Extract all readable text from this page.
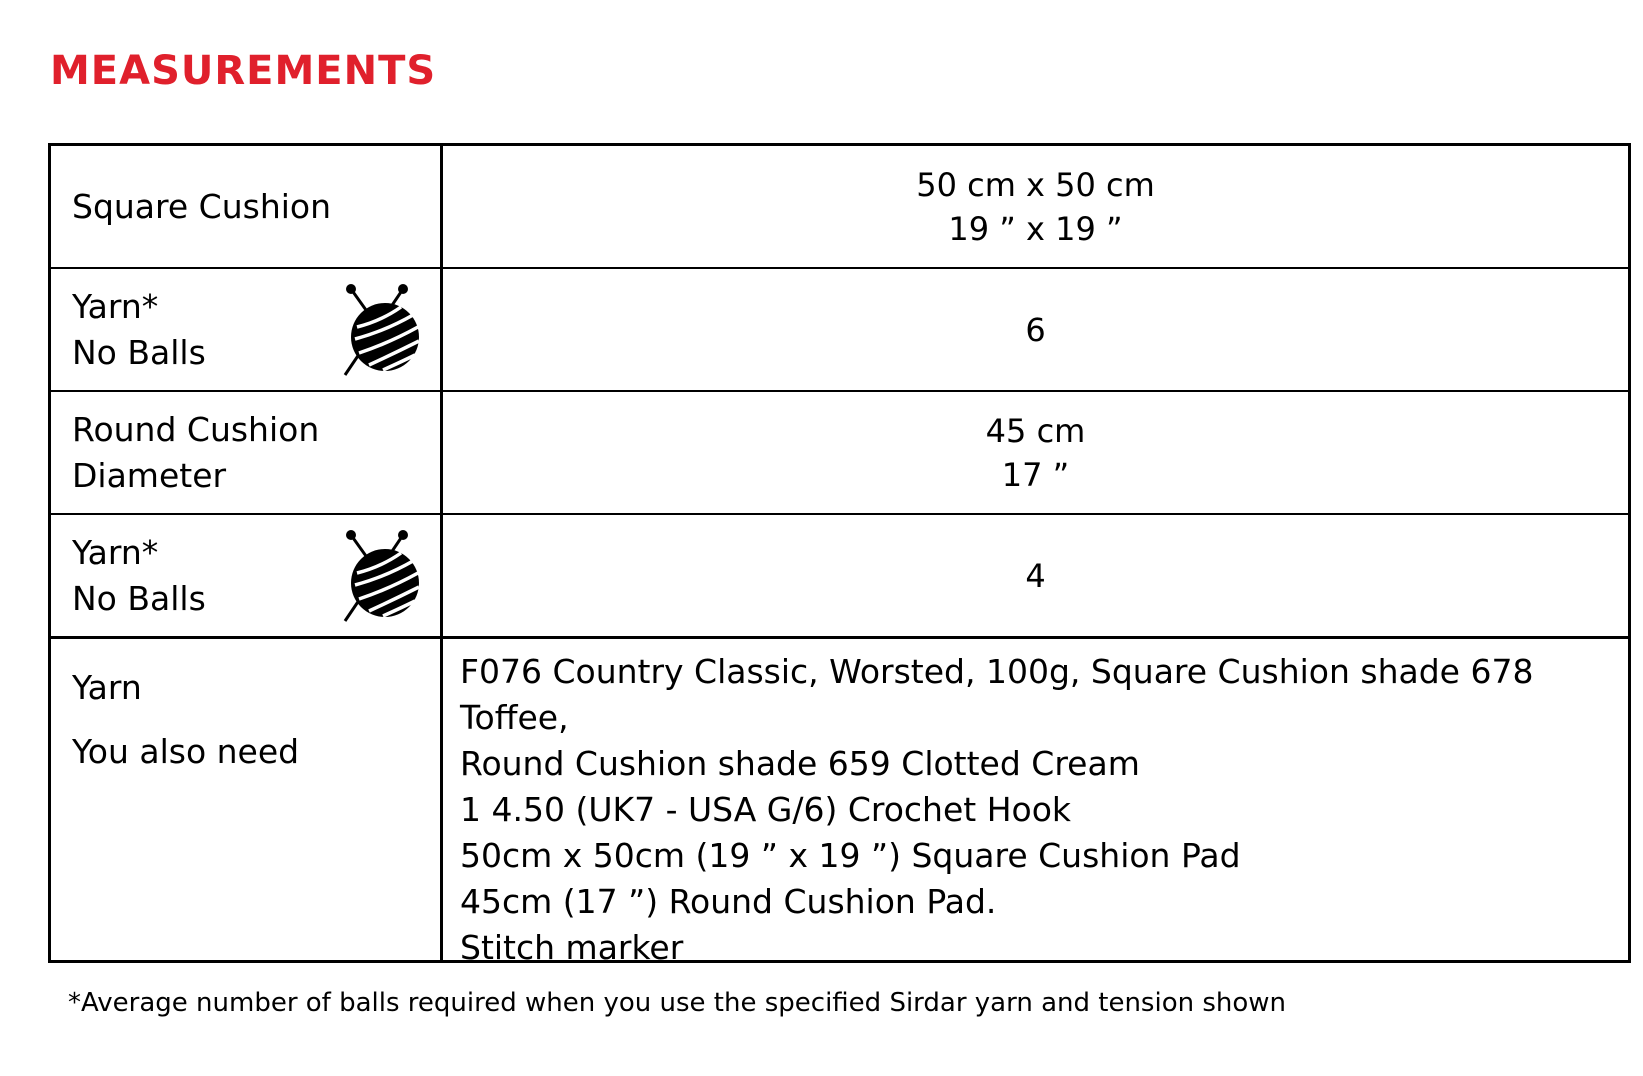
MEASUREMENTS
Square Cushion
50 cm x 50 cm
19 ” x 19 ”
Yarn*
No Balls
6
Round Cushion
Diameter
45 cm
17 ”
Yarn*
No Balls
4
Yarn
You also need
F076 Country Classic, Worsted, 100g, Square Cushion shade 678 Toffee,
Round Cushion shade 659 Clotted Cream
1 4.50 (UK7 - USA G/6) Crochet Hook
50cm x 50cm (19 ” x 19 ”) Square Cushion Pad
45cm (17 ”) Round Cushion Pad.
Stitch marker
*Average number of balls required when you use the specified Sirdar yarn and tension shown
